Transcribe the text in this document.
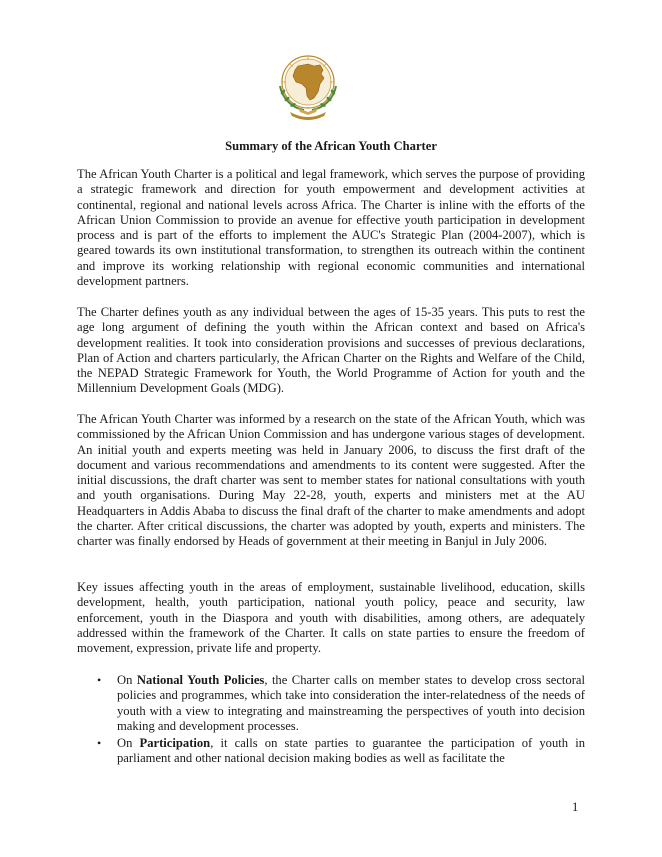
Summary of the African Youth Charter

The African Youth Charter is a political and legal framework, which serves the purpose of providing a strategic framework and direction for youth empowerment and development activities at continental, regional and national levels across Africa. The Charter is inline with the efforts of the African Union Commission to provide an avenue for effective youth participation in development process and is part of the efforts to implement the AUC's Strategic Plan (2004-2007), which is geared towards its own institutional transformation, to strengthen its outreach within the continent and improve its working relationship with regional economic communities and international development partners.

The Charter defines youth as any individual between the ages of 15-35 years. This puts to rest the age long argument of defining the youth within the African context and based on Africa's development realities. It took into consideration provisions and successes of previous declarations, Plan of Action and charters particularly, the African Charter on the Rights and Welfare of the Child, the NEPAD Strategic Framework for Youth, the World Programme of Action for youth and the Millennium Development Goals (MDG).

The African Youth Charter was informed by a research on the state of the African Youth, which was commissioned by the African Union Commission and has undergone various stages of development. An initial youth and experts meeting was held in January 2006, to discuss the first draft of the document and various recommendations and amendments to its content were suggested. After the initial discussions, the draft charter was sent to member states for national consultations with youth and youth organisations. During May 22-28, youth, experts and ministers met at the AU Headquarters in Addis Ababa to discuss the final draft of the charter to make amendments and adopt the charter. After critical discussions, the charter was adopted by youth, experts and ministers. The charter was finally endorsed by Heads of government at their meeting in Banjul in July 2006.

Key issues affecting youth in the areas of employment, sustainable livelihood, education, skills development, health, youth participation, national youth policy, peace and security, law enforcement, youth in the Diaspora and youth with disabilities, among others, are adequately addressed within the framework of the Charter. It calls on state parties to ensure the freedom of movement, expression, private life and property.

• On National Youth Policies, the Charter calls on member states to develop cross sectoral policies and programmes, which take into consideration the inter-relatedness of the needs of youth with a view to integrating and mainstreaming the perspectives of youth into decision making and development processes.
• On Participation, it calls on state parties to guarantee the participation of youth in parliament and other national decision making bodies as well as facilitate the
1
